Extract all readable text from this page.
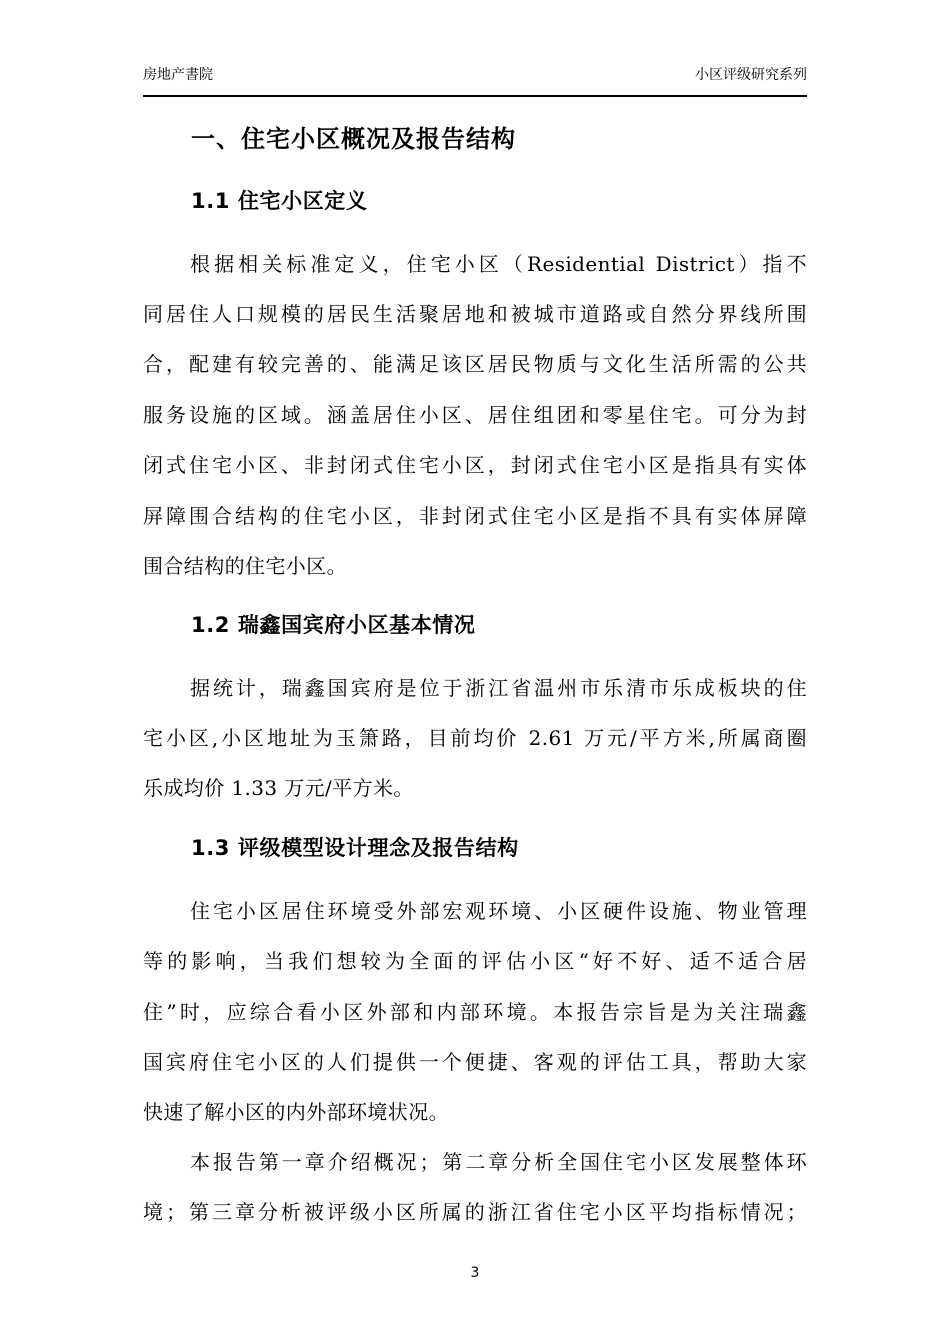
房地产書院	小区评级研究系列
一、住宅小区概况及报告结构
1.1 住宅小区定义
根据相关标准定义，住宅小区（Residential District）指不
同居住人口规模的居民生活聚居地和被城市道路或自然分界线所围
合，配建有较完善的、能满足该区居民物质与文化生活所需的公共
服务设施的区域。涵盖居住小区、居住组团和零星住宅。可分为封
闭式住宅小区、非封闭式住宅小区，封闭式住宅小区是指具有实体
屏障围合结构的住宅小区，非封闭式住宅小区是指不具有实体屏障
围合结构的住宅小区。
1.2 瑞鑫国宾府小区基本情况
据统计，瑞鑫国宾府是位于浙江省温州市乐清市乐成板块的住
宅小区,小区地址为玉箫路，目前均价 2.61 万元/平方米,所属商圈
乐成均价 1.33 万元/平方米。
1.3 评级模型设计理念及报告结构
住宅小区居住环境受外部宏观环境、小区硬件设施、物业管理
等的影响，当我们想较为全面的评估小区“好不好、适不适合居
住”时，应综合看小区外部和内部环境。本报告宗旨是为关注瑞鑫
国宾府住宅小区的人们提供一个便捷、客观的评估工具，帮助大家
快速了解小区的内外部环境状况。
本报告第一章介绍概况；第二章分析全国住宅小区发展整体环
境；第三章分析被评级小区所属的浙江省住宅小区平均指标情况；
3
